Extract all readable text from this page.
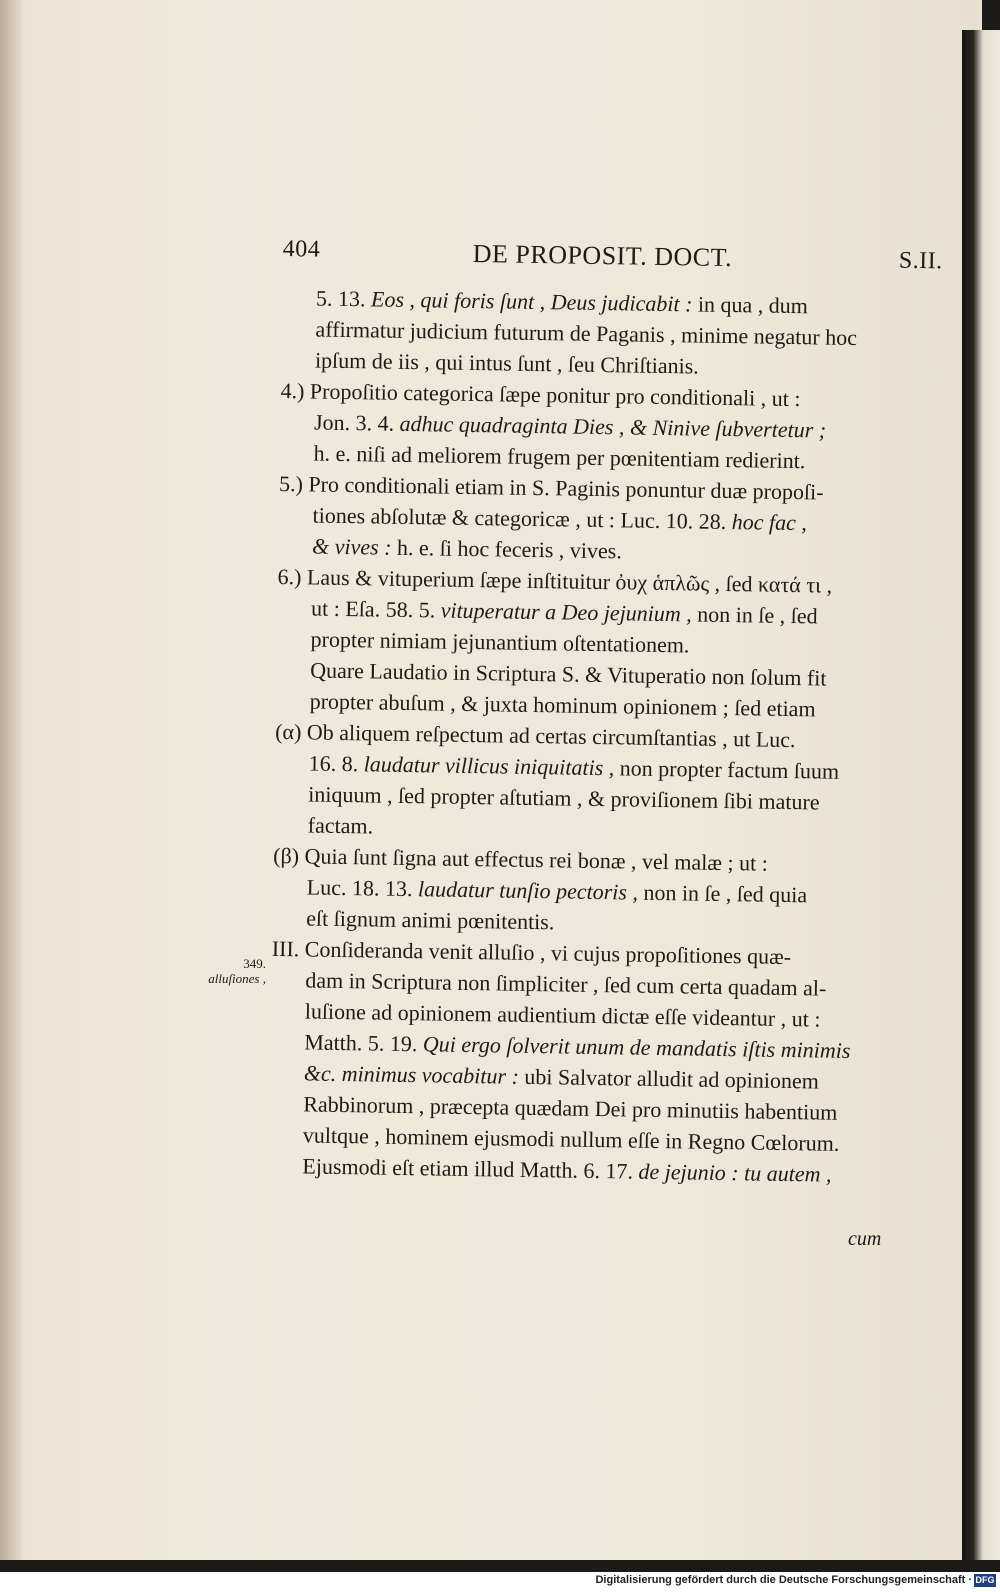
404	DE PROPOSIT. DOCT.	S.II.
5. 13. Eos , qui foris ſunt , Deus judicabit : in qua , dum
affirmatur judicium futurum de Paganis , minime negatur hoc
ipſum de iis , qui intus ſunt , ſeu Chriſtianis.
4.) Propoſitio categorica ſæpe ponitur pro conditionali , ut :
Jon. 3. 4. adhuc quadraginta Dies , & Ninive ſubvertetur ;
h. e. niſi ad meliorem frugem per pœnitentiam redierint.
5.) Pro conditionali etiam in S. Paginis ponuntur duæ propoſi-
tiones abſolutæ & categoricæ , ut : Luc. 10. 28. hoc fac ,
& vives : h. e. ſi hoc feceris , vives.
6.) Laus & vituperium ſæpe inſtituitur ὀυχ ἁπλῶς , ſed κατά τι ,
ut : Eſa. 58. 5. vituperatur a Deo jejunium , non in ſe , ſed
propter nimiam jejunantium oſtentationem.
Quare Laudatio in Scriptura S. & Vituperatio non ſolum fit
propter abuſum , & juxta hominum opinionem ; ſed etiam
(α) Ob aliquem reſpectum ad certas circumſtantias , ut Luc.
16. 8. laudatur villicus iniquitatis , non propter factum ſuum
iniquum , ſed propter aſtutiam , & proviſionem ſibi mature
factam.
(β) Quia ſunt ſigna aut effectus rei bonæ , vel malæ ; ut :
Luc. 18. 13. laudatur tunſio pectoris , non in ſe , ſed quia
eſt ſignum animi pœnitentis.
III. Conſideranda venit alluſio , vi cujus propoſitiones quæ-
dam in Scriptura non ſimpliciter , ſed cum certa quadam al-
luſione ad opinionem audientium dictæ eſſe videantur , ut :
Matth. 5. 19. Qui ergo ſolverit unum de mandatis iſtis minimis
&c. minimus vocabitur : ubi Salvator alludit ad opinionem
Rabbinorum , præcepta quædam Dei pro minutiis habentium
vultque , hominem ejusmodi nullum eſſe in Regno Cœlorum.
Ejusmodi eſt etiam illud Matth. 6. 17. de jejunio : tu autem ,
349.
alluſiones ,
cum
Digitalisierung gefördert durch die Deutsche Forschungsgemeinschaft · DFG
